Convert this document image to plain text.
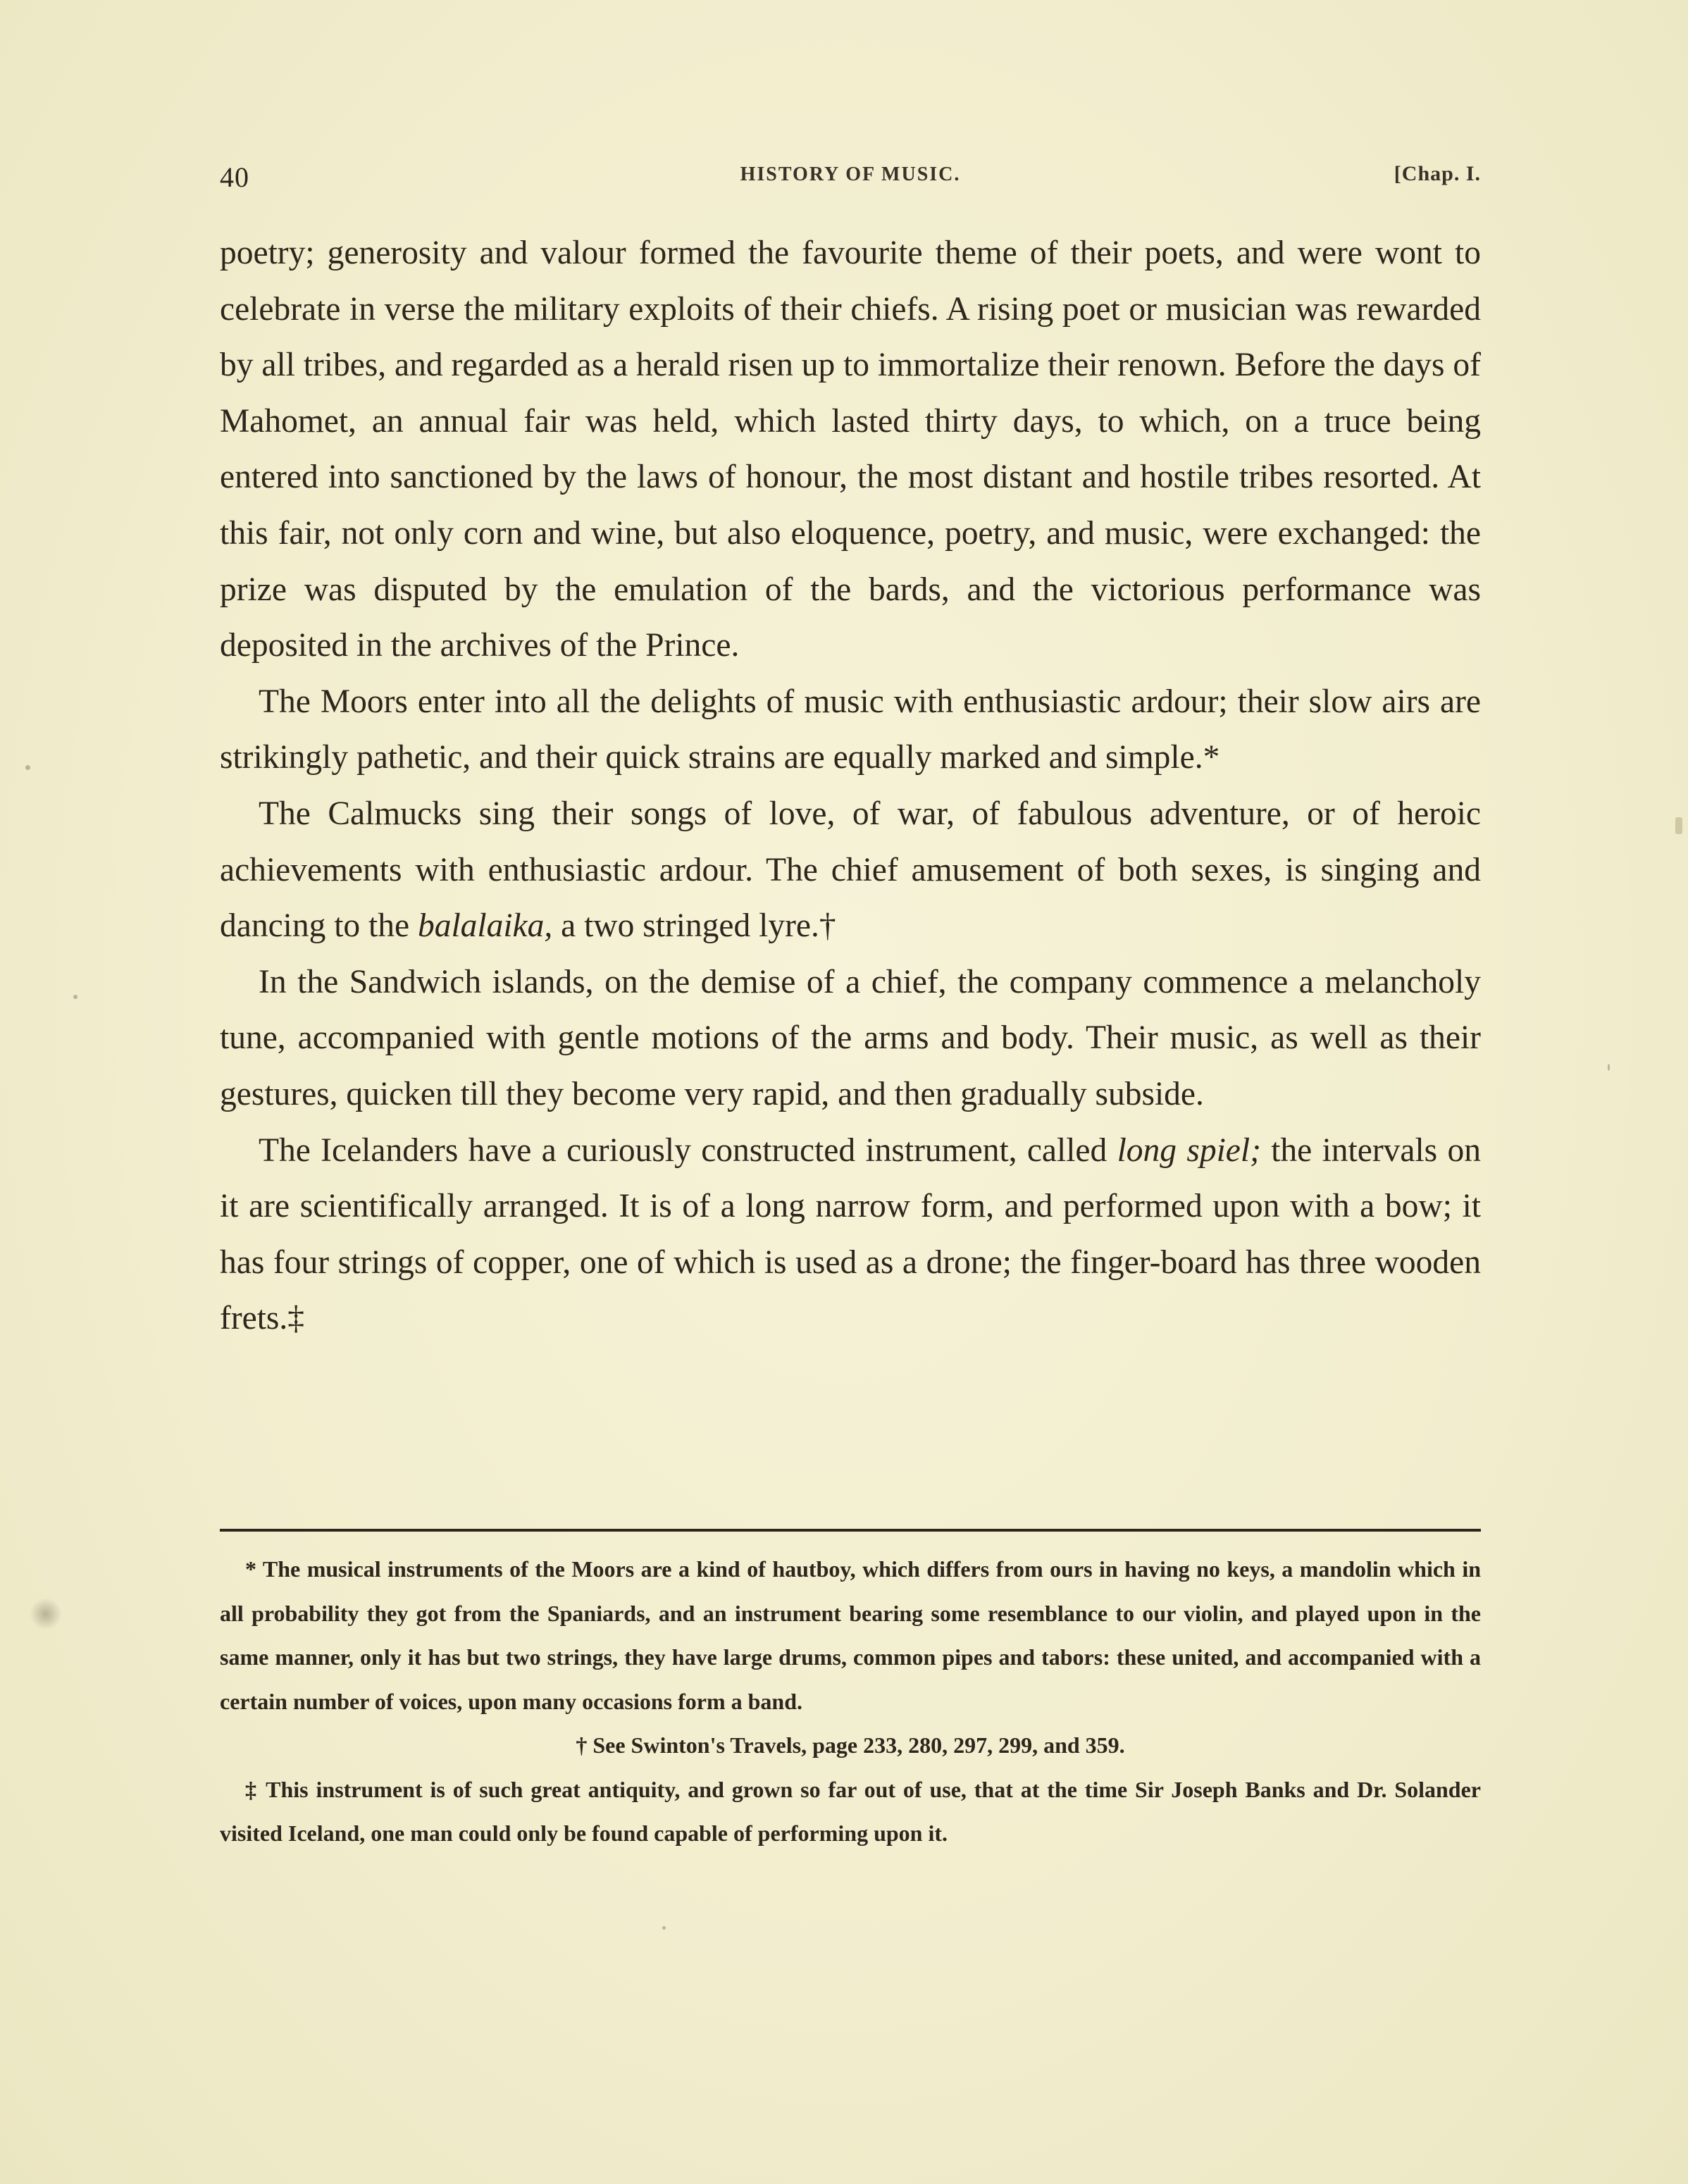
40	HISTORY OF MUSIC.	[Chap. I.

poetry; generosity and valour formed the favourite theme of their poets, and were wont to celebrate in verse the military exploits of their chiefs. A rising poet or musician was rewarded by all tribes, and regarded as a herald risen up to immortalize their renown. Before the days of Mahomet, an annual fair was held, which lasted thirty days, to which, on a truce being entered into sanctioned by the laws of honour, the most distant and hostile tribes resorted. At this fair, not only corn and wine, but also eloquence, poetry, and music, were exchanged: the prize was disputed by the emulation of the bards, and the victorious performance was deposited in the archives of the Prince.

The Moors enter into all the delights of music with enthusiastic ardour; their slow airs are strikingly pathetic, and their quick strains are equally marked and simple.*

The Calmucks sing their songs of love, of war, of fabulous adventure, or of heroic achievements with enthusiastic ardour. The chief amusement of both sexes, is singing and dancing to the balalaika, a two stringed lyre.†

In the Sandwich islands, on the demise of a chief, the company commence a melancholy tune, accompanied with gentle motions of the arms and body. Their music, as well as their gestures, quicken till they become very rapid, and then gradually subside.

The Icelanders have a curiously constructed instrument, called long spiel; the intervals on it are scientifically arranged. It is of a long narrow form, and performed upon with a bow; it has four strings of copper, one of which is used as a drone; the finger-board has three wooden frets.‡

* The musical instruments of the Moors are a kind of hautboy, which differs from ours in having no keys, a mandolin which in all probability they got from the Spaniards, and an instrument bearing some resemblance to our violin, and played upon in the same manner, only it has but two strings, they have large drums, common pipes and tabors: these united, and accompanied with a certain number of voices, upon many occasions form a band.

† See Swinton's Travels, page 233, 280, 297, 299, and 359.

‡ This instrument is of such great antiquity, and grown so far out of use, that at the time Sir Joseph Banks and Dr. Solander visited Iceland, one man could only be found capable of performing upon it.
